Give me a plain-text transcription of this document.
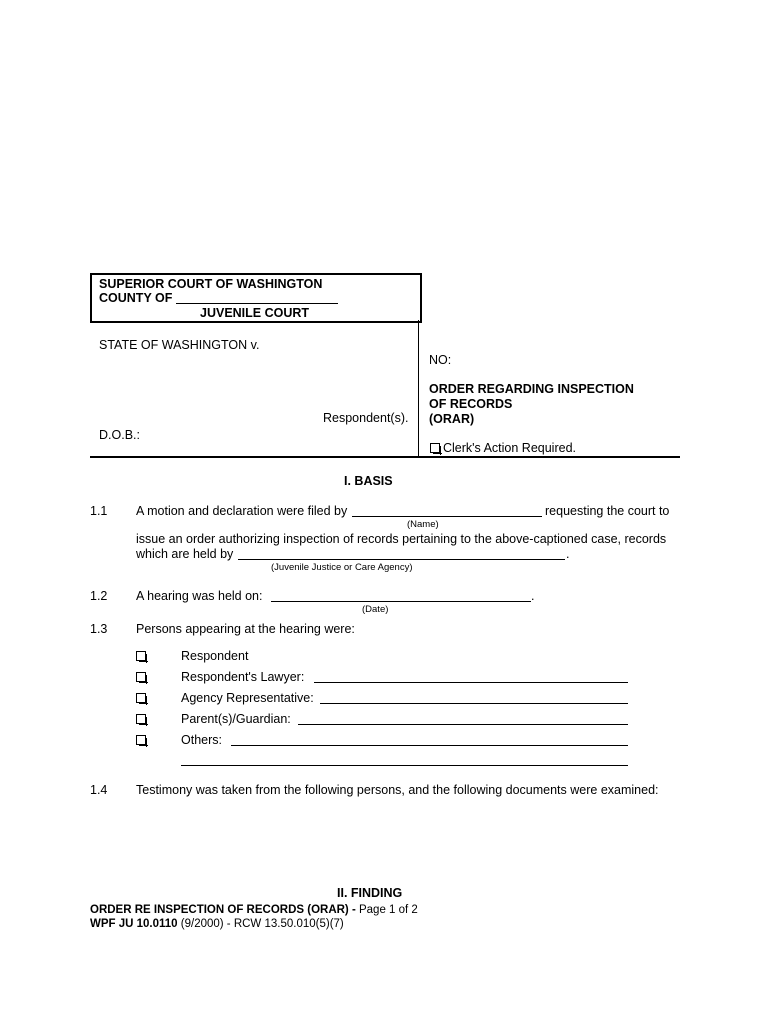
SUPERIOR COURT OF WASHINGTON
COUNTY OF
JUVENILE COURT
STATE OF WASHINGTON v.
Respondent(s).
D.O.B.:
NO:
ORDER REGARDING INSPECTION
OF RECORDS
(ORAR)
Clerk's Action Required.
I. BASIS
1.1 A motion and declaration were filed by	requesting the court to
(Name)
issue an order authorizing inspection of records pertaining to the above-captioned case, records
which are held by	.
(Juvenile Justice or Care Agency)
1.2 A hearing was held on:	.
(Date)
1.3 Persons appearing at the hearing were:
Respondent
Respondent's Lawyer:
Agency Representative:
Parent(s)/Guardian:
Others:
1.4 Testimony was taken from the following persons, and the following documents were examined:
II. FINDING
ORDER RE INSPECTION OF RECORDS (ORAR) - Page 1 of 2
WPF JU 10.0110 (9/2000) - RCW 13.50.010(5)(7)
